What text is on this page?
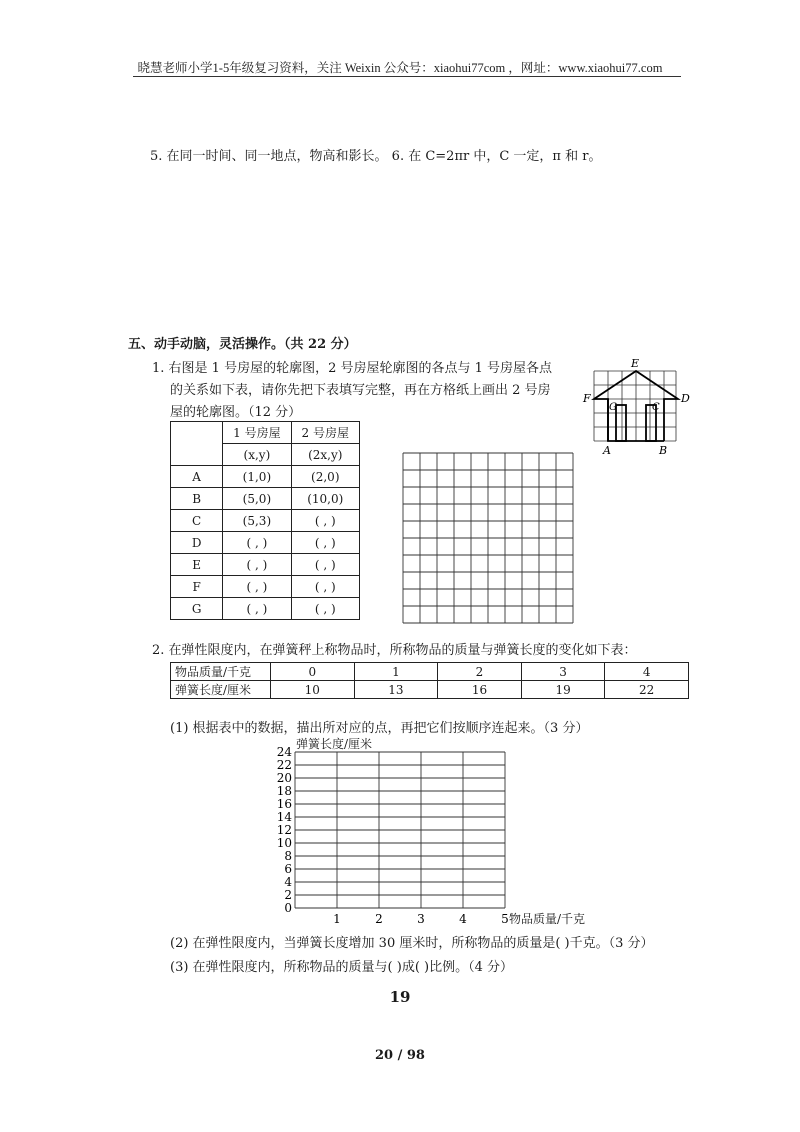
晓慧老师小学1-5年级复习资料，关注 Weixin 公众号：xiaohui77com ，网址：www.xiaohui77.com
5. 在同一时间、同一地点，物高和影长。 6. 在 C=2πr 中，C 一定，π 和 r。
五、动手动脑，灵活操作。（共 22 分）
1. 右图是 1 号房屋的轮廓图，2 号房屋轮廓图的各点与 1 号房屋各点
的关系如下表，请你先把下表填写完整，再在方格纸上画出 2 号房
屋的轮廓图。（12 分）
E
F
G	C
D
A	B
	1 号房屋	2 号房屋
	(x,y)	(2x,y)
A	(1,0)	(2,0)
B	(5,0)	(10,0)
C	(5,3)	( , )
D	( , )	( , )
E	( , )	( , )
F	( , )	( , )
G	( , )	( , )
2. 在弹性限度内，在弹簧秤上称物品时，所称物品的质量与弹簧长度的变化如下表：
物品质量/千克	0	1	2	3	4
弹簧长度/厘米	10	13	16	19	22
(1) 根据表中的数据，描出所对应的点，再把它们按顺序连起来。（3 分）
弹簧长度/厘米
24
22
20
18
16
14
12
10
8
6
4
2
0
1	2	3	4	5 物品质量/千克
(2) 在弹性限度内，当弹簧长度增加 30 厘米时，所称物品的质量是( )千克。（3 分）
(3) 在弹性限度内，所称物品的质量与( )成( )比例。（4 分）
19
20 / 98
